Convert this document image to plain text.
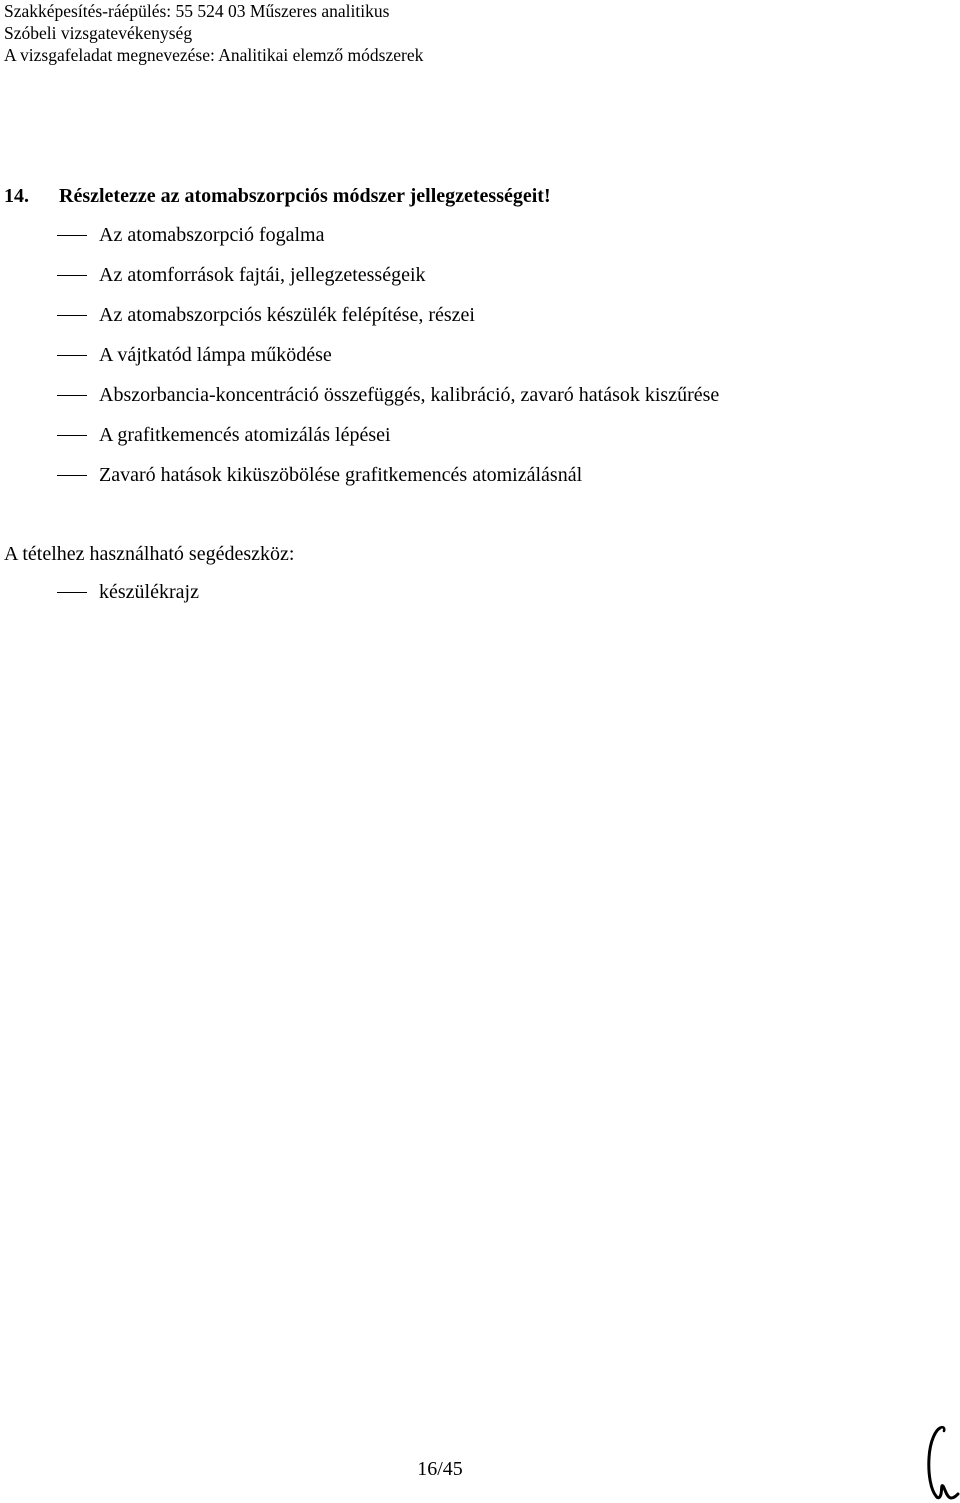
Szakképesítés-ráépülés: 55 524 03 Műszeres analitikus
Szóbeli vizsgatevékenység
A vizsgafeladat megnevezése: Analitikai elemző módszerek
14. Részletezze az atomabszorpciós módszer jellegzetességeit!
Az atomabszorpció fogalma
Az atomforrások fajtái, jellegzetességeik
Az atomabszorpciós készülék felépítése, részei
A vájtkatód lámpa működése
Abszorbancia-koncentráció összefüggés, kalibráció, zavaró hatások kiszűrése
A grafitkemencés atomizálás lépései
Zavaró hatások kiküszöbölése grafitkemencés atomizálásnál
A tételhez használható segédeszköz:
készülékrajz
16/45
